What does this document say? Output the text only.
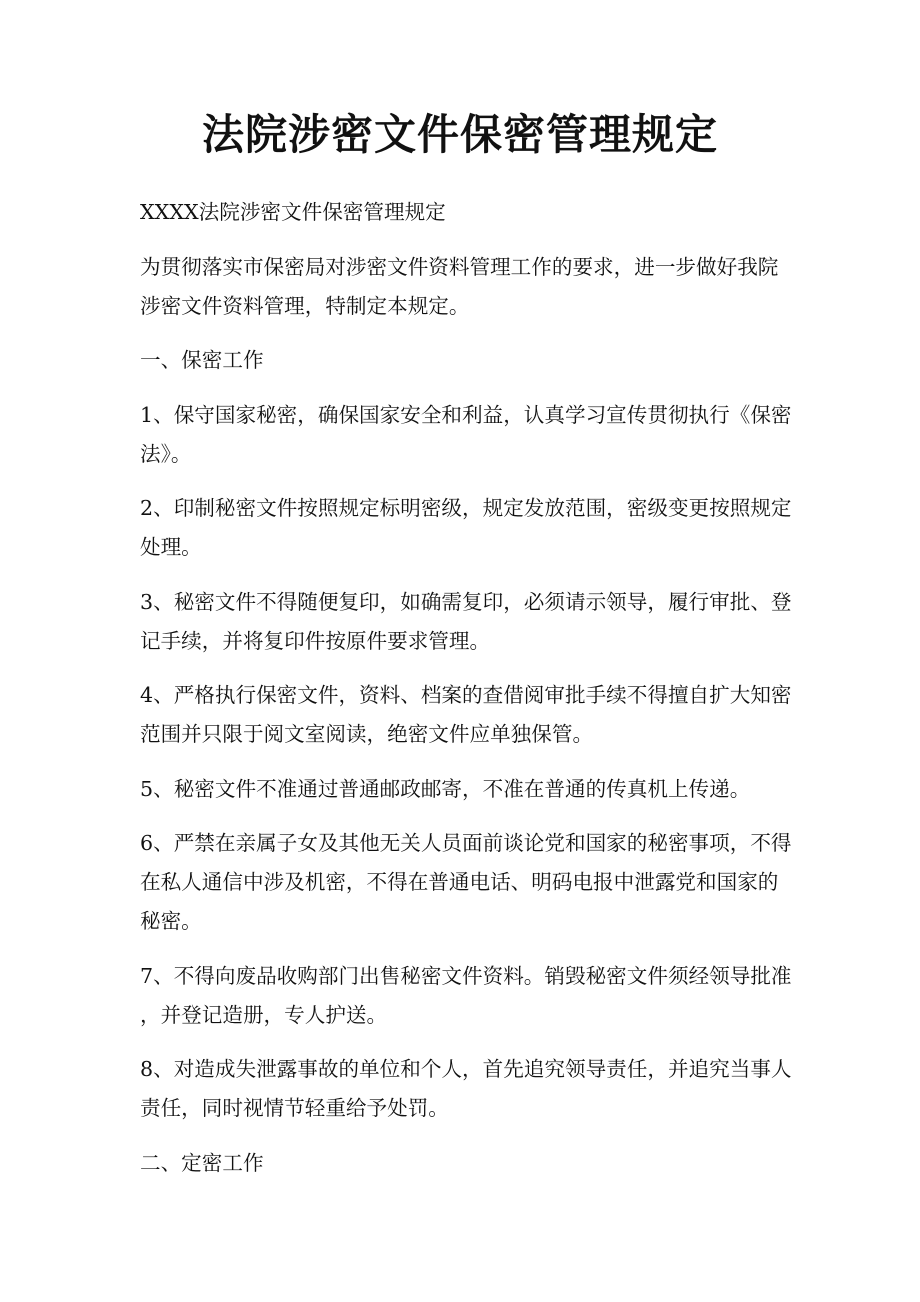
法院涉密文件保密管理规定
XXXX法院涉密文件保密管理规定
为贯彻落实市保密局对涉密文件资料管理工作的要求，进一步做好我院
涉密文件资料管理，特制定本规定。
一、保密工作
1、保守国家秘密，确保国家安全和利益，认真学习宣传贯彻执行《保密
法》。
2、印制秘密文件按照规定标明密级，规定发放范围，密级变更按照规定
处理。
3、秘密文件不得随便复印，如确需复印，必须请示领导，履行审批、登
记手续，并将复印件按原件要求管理。
4、严格执行保密文件，资料、档案的查借阅审批手续不得擅自扩大知密
范围并只限于阅文室阅读，绝密文件应单独保管。
5、秘密文件不准通过普通邮政邮寄，不准在普通的传真机上传递。
6、严禁在亲属子女及其他无关人员面前谈论党和国家的秘密事项，不得
在私人通信中涉及机密，不得在普通电话、明码电报中泄露党和国家的
秘密。
7、不得向废品收购部门出售秘密文件资料。销毁秘密文件须经领导批准
，并登记造册，专人护送。
8、对造成失泄露事故的单位和个人，首先追究领导责任，并追究当事人
责任，同时视情节轻重给予处罚。
二、定密工作
